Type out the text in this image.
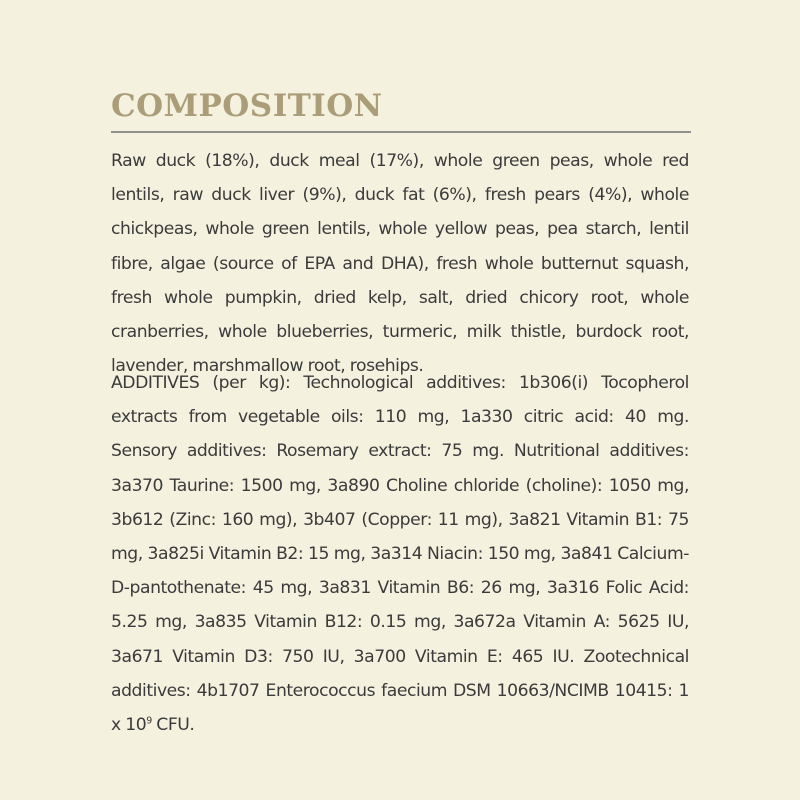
COMPOSITION

Raw duck (18%), duck meal (17%), whole green peas, whole red lentils, raw duck liver (9%), duck fat (6%), fresh pears (4%), whole chickpeas, whole green lentils, whole yellow peas, pea starch, lentil fibre, algae (source of EPA and DHA), fresh whole butternut squash, fresh whole pumpkin, dried kelp, salt, dried chicory root, whole cranberries, whole blueberries, turmeric, milk thistle, burdock root, lavender, marshmallow root, rosehips.

ADDITIVES (per kg): Technological additives: 1b306(i) Tocopherol extracts from vegetable oils: 110 mg, 1a330 citric acid: 40 mg. Sensory additives: Rosemary extract: 75 mg. Nutritional additives: 3a370 Taurine: 1500 mg, 3a890 Choline chloride (choline): 1050 mg, 3b612 (Zinc: 160 mg), 3b407 (Copper: 11 mg), 3a821 Vitamin B1: 75 mg, 3a825i Vitamin B2: 15 mg, 3a314 Niacin: 150 mg, 3a841 Calcium-D-pantothenate: 45 mg, 3a831 Vitamin B6: 26 mg, 3a316 Folic Acid: 5.25 mg, 3a835 Vitamin B12: 0.15 mg, 3a672a Vitamin A: 5625 IU, 3a671 Vitamin D3: 750 IU, 3a700 Vitamin E: 465 IU. Zootechnical additives: 4b1707 Enterococcus faecium DSM 10663/NCIMB 10415: 1 x $10^9$ CFU.
